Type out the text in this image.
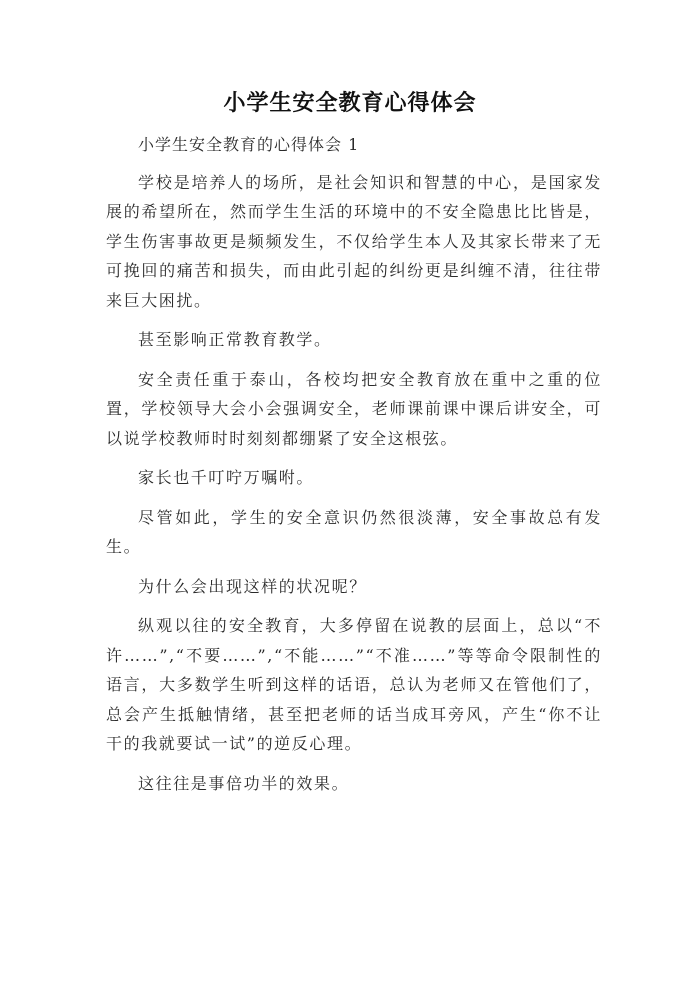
小学生安全教育心得体会

小学生安全教育的心得体会 1

学校是培养人的场所，是社会知识和智慧的中心，是国家发展的希望所在，然而学生生活的环境中的不安全隐患比比皆是，学生伤害事故更是频频发生，不仅给学生本人及其家长带来了无可挽回的痛苦和损失，而由此引起的纠纷更是纠缠不清，往往带来巨大困扰。

甚至影响正常教育教学。

安全责任重于泰山，各校均把安全教育放在重中之重的位置，学校领导大会小会强调安全，老师课前课中课后讲安全，可以说学校教师时时刻刻都绷紧了安全这根弦。

家长也千叮咛万嘱咐。

尽管如此，学生的安全意识仍然很淡薄，安全事故总有发生。

为什么会出现这样的状况呢？

纵观以往的安全教育，大多停留在说教的层面上，总以“不许……”,“不要……”,“不能……”“不准……”等等命令限制性的语言，大多数学生听到这样的话语，总认为老师又在管他们了，总会产生抵触情绪，甚至把老师的话当成耳旁风，产生“你不让干的我就要试一试”的逆反心理。

这往往是事倍功半的效果。
